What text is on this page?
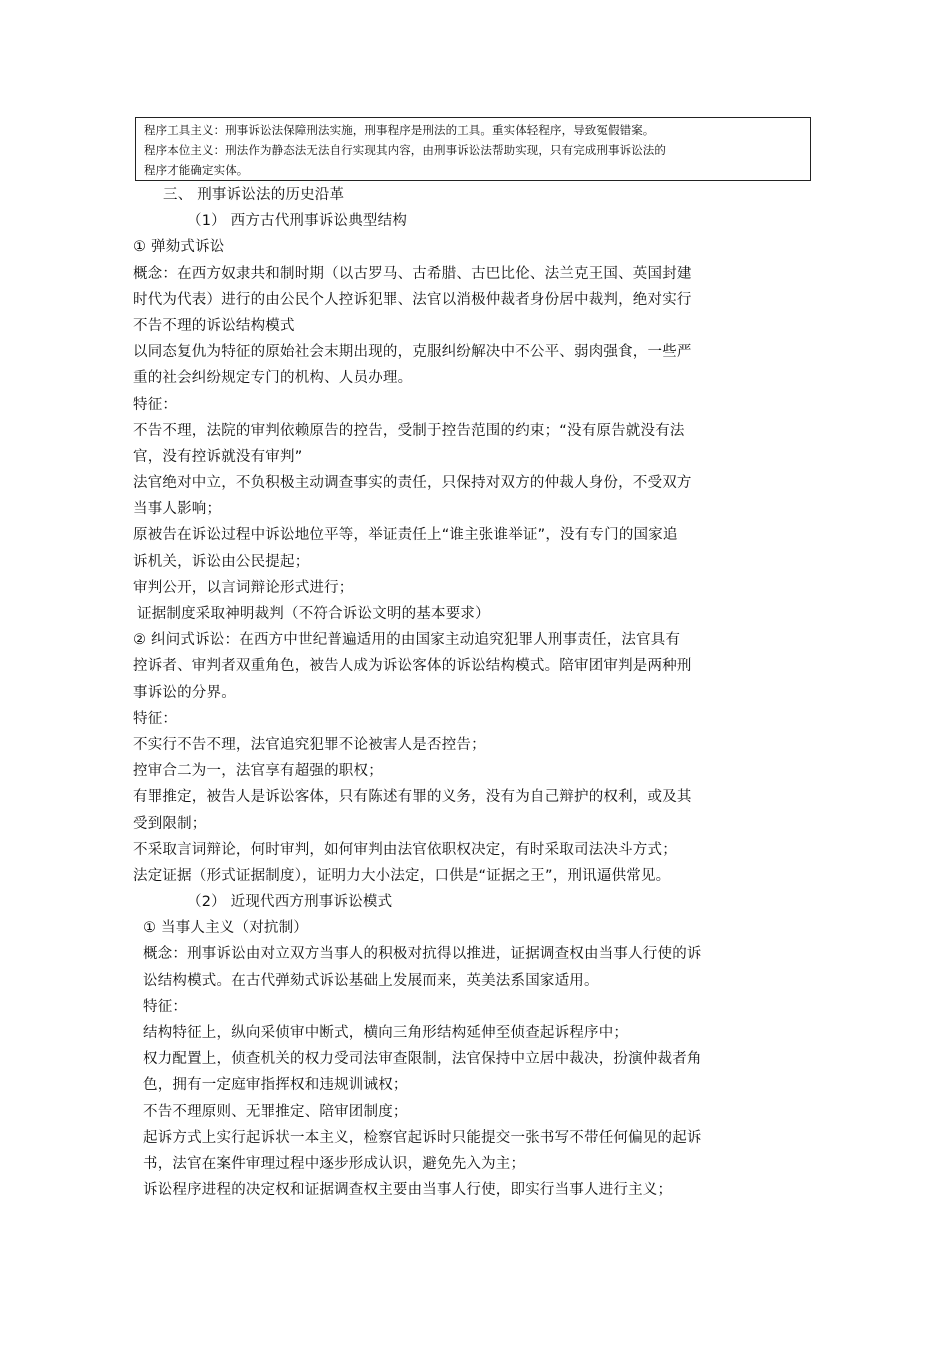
程序工具主义：刑事诉讼法保障刑法实施，刑事程序是刑法的工具。重实体轻程序，导致冤假错案。
程序本位主义：刑法作为静态法无法自行实现其内容，由刑事诉讼法帮助实现，只有完成刑事诉讼法的
程序才能确定实体。
三、 刑事诉讼法的历史沿革
（1） 西方古代刑事诉讼典型结构
① 弹劾式诉讼
概念：在西方奴隶共和制时期（以古罗马、古希腊、古巴比伦、法兰克王国、英国封建
时代为代表）进行的由公民个人控诉犯罪、法官以消极仲裁者身份居中裁判，绝对实行
不告不理的诉讼结构模式
以同态复仇为特征的原始社会末期出现的，克服纠纷解决中不公平、弱肉强食，一些严
重的社会纠纷规定专门的机构、人员办理。
特征：
不告不理，法院的审判依赖原告的控告，受制于控告范围的约束；“没有原告就没有法
官，没有控诉就没有审判”
法官绝对中立，不负积极主动调查事实的责任，只保持对双方的仲裁人身份，不受双方
当事人影响；
原被告在诉讼过程中诉讼地位平等，举证责任上“谁主张谁举证”，没有专门的国家追
诉机关，诉讼由公民提起；
审判公开，以言词辩论形式进行；
证据制度采取神明裁判（不符合诉讼文明的基本要求）
② 纠问式诉讼：在西方中世纪普遍适用的由国家主动追究犯罪人刑事责任，法官具有
控诉者、审判者双重角色，被告人成为诉讼客体的诉讼结构模式。陪审团审判是两种刑
事诉讼的分界。
特征：
不实行不告不理，法官追究犯罪不论被害人是否控告；
控审合二为一，法官享有超强的职权；
有罪推定，被告人是诉讼客体，只有陈述有罪的义务，没有为自己辩护的权利，或及其
受到限制；
不采取言词辩论，何时审判，如何审判由法官依职权决定，有时采取司法决斗方式；
法定证据（形式证据制度），证明力大小法定，口供是“证据之王”，刑讯逼供常见。
（2） 近现代西方刑事诉讼模式
① 当事人主义（对抗制）
概念：刑事诉讼由对立双方当事人的积极对抗得以推进，证据调查权由当事人行使的诉
讼结构模式。在古代弹劾式诉讼基础上发展而来，英美法系国家适用。
特征：
结构特征上，纵向采侦审中断式，横向三角形结构延伸至侦查起诉程序中；
权力配置上，侦查机关的权力受司法审查限制，法官保持中立居中裁决，扮演仲裁者角
色，拥有一定庭审指挥权和违规训诫权；
不告不理原则、无罪推定、陪审团制度；
起诉方式上实行起诉状一本主义，检察官起诉时只能提交一张书写不带任何偏见的起诉
书，法官在案件审理过程中逐步形成认识，避免先入为主；
诉讼程序进程的决定权和证据调查权主要由当事人行使，即实行当事人进行主义；
